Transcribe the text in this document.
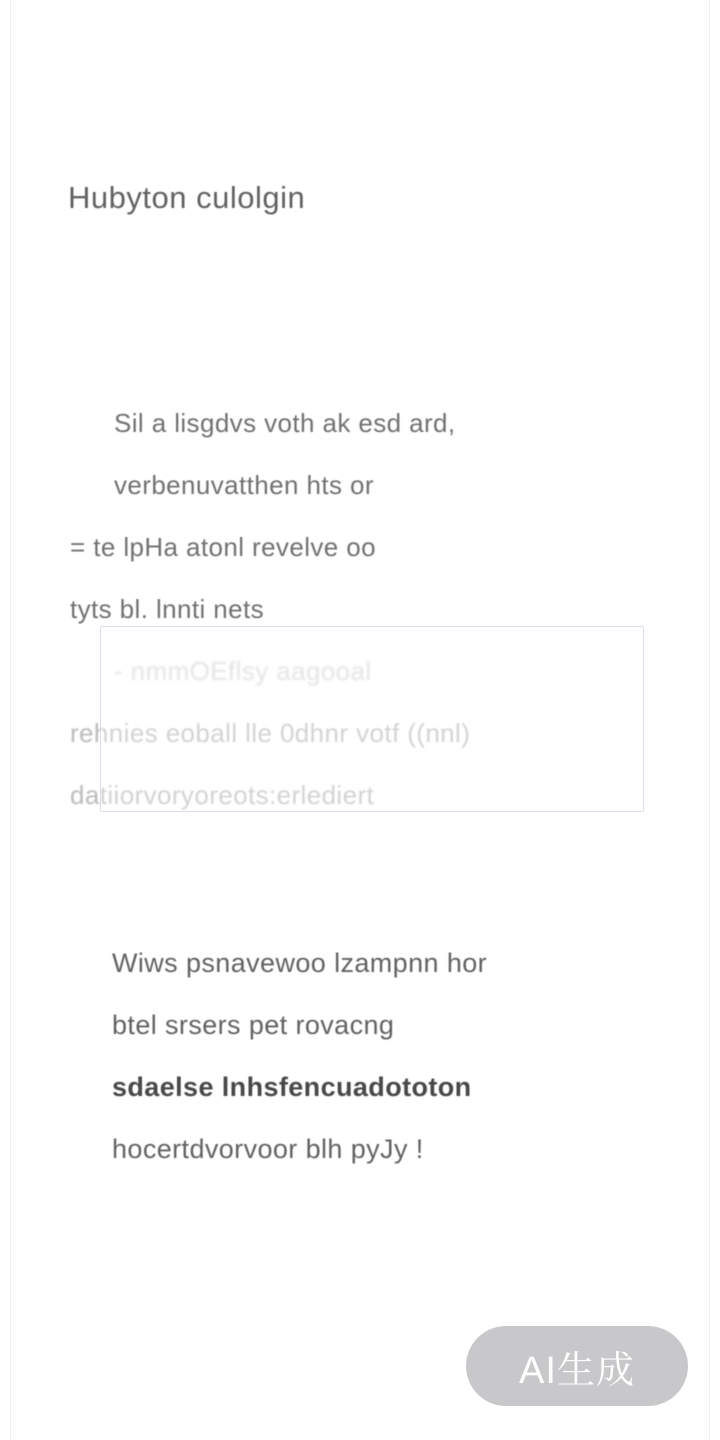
Hubyton culolgin
Sil a lisgdvs voth ak esd ard,
verbenuvatthen hts or
= te lpHa atonl revelve oo
tyts bl. lnnti nets
- nmmOEflsy aagooal
rehnies eoball lle 0dhnr votf ((nnl)
datiiorvoryoreots:erlediert
Wiws psnavewoo lzampnn hor
btel srsers pet rovacng
sdaelse lnhsfencuadototon
hocertdvorvoor blh pyJy !
AI生成
